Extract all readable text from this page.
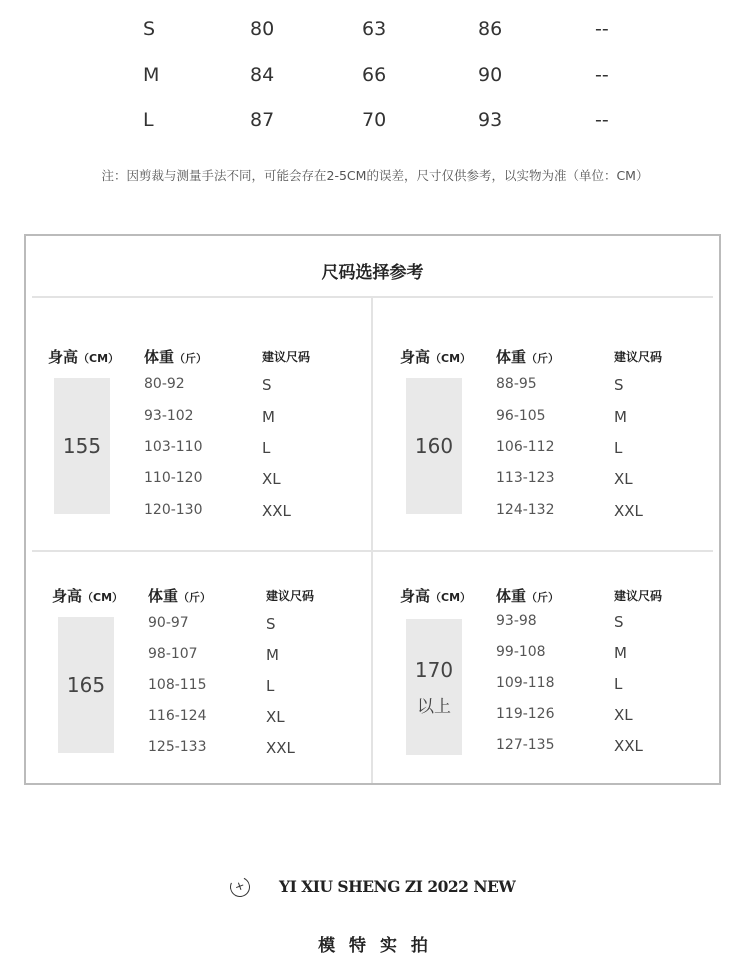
S	80	63	86	--
M	84	66	90	--
L	87	70	93	--
注：因剪裁与测量手法不同，可能会存在2-5CM的误差，尺寸仅供参考，以实物为准（单位：CM）
尺码选择参考
身高（CM） 体重（斤）	建议尺码
155
80-92	S
93-102	M
103-110	L
110-120	XL
120-130	XXL
身高（CM） 体重（斤）	建议尺码
160
88-95	S
96-105	M
106-112	L
113-123	XL
124-132	XXL
身高（CM） 体重（斤）	建议尺码
165
90-97	S
98-107	M
108-115	L
116-124	XL
125-133	XXL
身高（CM） 体重（斤）	建议尺码
170
以上
93-98	S
99-108	M
109-118	L
119-126	XL
127-135	XXL
+	YI XIU SHENG ZI 2022 NEW
模 特 实 拍
